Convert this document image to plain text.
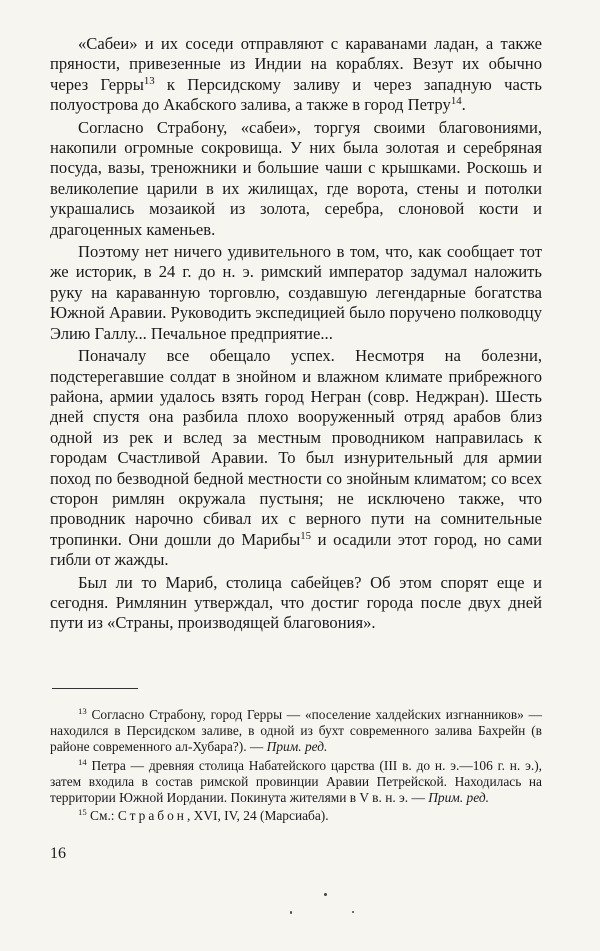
«Сабеи» и их соседи отправляют с караванами ладан, а также пряности, привезенные из Индии на кораблях. Везут их обычно через Герры$^{13}$ к Персидскому заливу и через западную часть полуострова до Акабского залива, а также в город Петру$^{14}$.

Согласно Страбону, «сабеи», торгуя своими благовониями, накопили огромные сокровища. У них была золотая и серебряная посуда, вазы, треножники и большие чаши с крышками. Роскошь и великолепие царили в их жилищах, где ворота, стены и потолки украшались мозаикой из золота, серебра, слоновой кости и драгоценных каменьев.

Поэтому нет ничего удивительного в том, что, как сообщает тот же историк, в 24 г. до н. э. римский император задумал наложить руку на караванную торговлю, создавшую легендарные богатства Южной Аравии. Руководить экспедицией было поручено полководцу Элию Галлу... Печальное предприятие...

Поначалу все обещало успех. Несмотря на болезни, подстерегавшие солдат в знойном и влажном климате прибрежного района, армии удалось взять город Негран (совр. Неджран). Шесть дней спустя она разбила плохо вооруженный отряд арабов близ одной из рек и вслед за местным проводником направилась к городам Счастливой Аравии. То был изнурительный для армии поход по безводной бедной местности со знойным климатом; со всех сторон римлян окружала пустыня; не исключено также, что проводник нарочно сбивал их с верного пути на сомнительные тропинки. Они дошли до Марибы$^{15}$ и осадили этот город, но сами гибли от жажды.

Был ли то Мариб, столица сабейцев? Об этом спорят еще и сегодня. Римлянин утверждал, что достиг города после двух дней пути из «Страны, производящей благовония».

$^{13}$ Согласно Страбону, город Герры — «поселение халдейских изгнанников» — находился в Персидском заливе, в одной из бухт современного залива Бахрейн (в районе современного ал-Хубара?). — Прим. ред.

$^{14}$ Петра — древняя столица Набатейского царства (III в. до н. э.—106 г. н. э.), затем входила в состав римской провинции Аравии Петрейской. Находилась на территории Южной Иордании. Покинута жителями в V в. н. э. — Прим. ред.

$^{15}$ См.: Страбон, XVI, IV, 24 (Марсиаба).

16
